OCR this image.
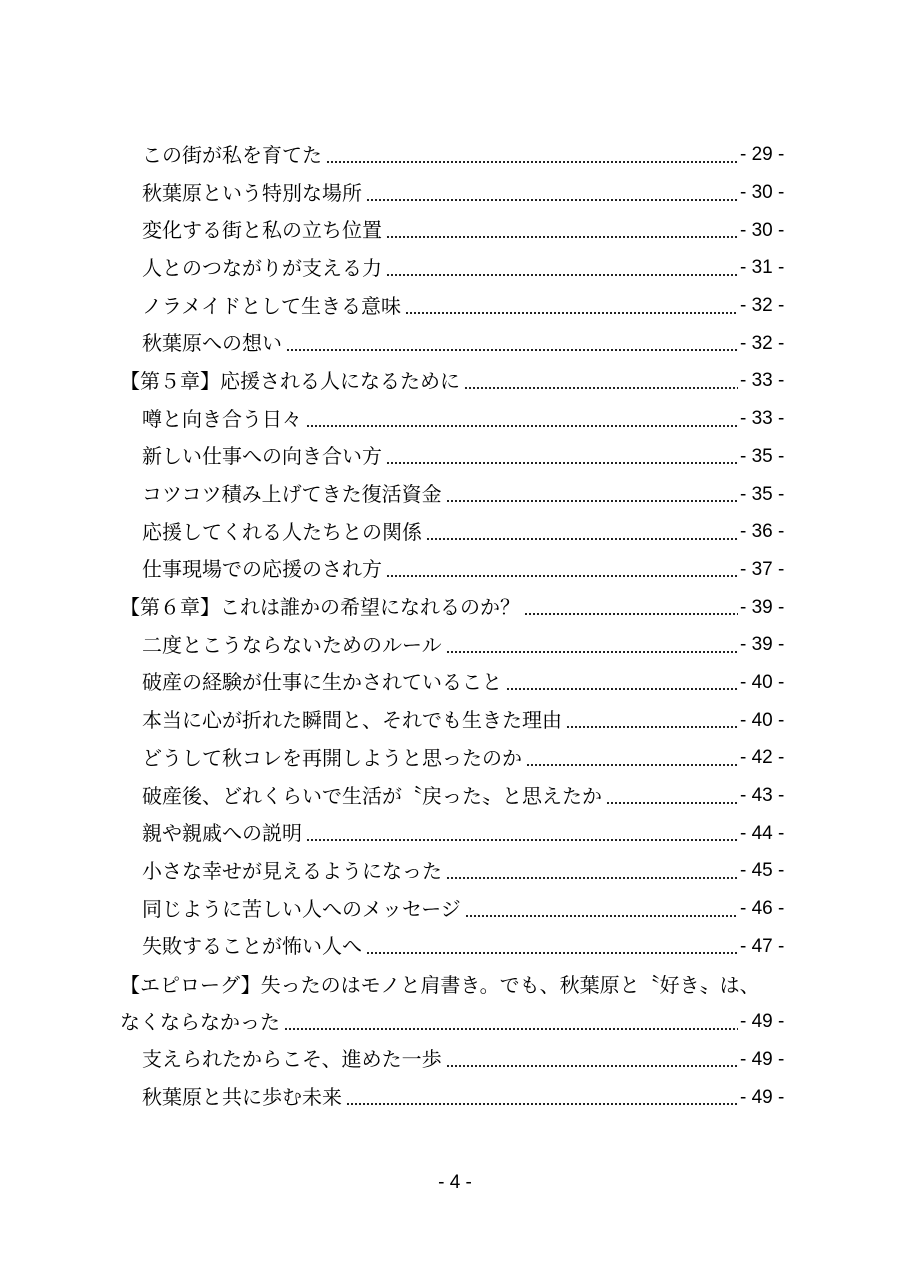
この街が私を育てた	- 29 -
秋葉原という特別な場所	- 30 -
変化する街と私の立ち位置	- 30 -
人とのつながりが支える力	- 31 -
ノラメイドとして生きる意味	- 32 -
秋葉原への想い	- 32 -
【第５章】応援される人になるために	- 33 -
噂と向き合う日々	- 33 -
新しい仕事への向き合い方	- 35 -
コツコツ積み上げてきた復活資金	- 35 -
応援してくれる人たちとの関係	- 36 -
仕事現場での応援のされ方	- 37 -
【第６章】これは誰かの希望になれるのか？	- 39 -
二度とこうならないためのルール	- 39 -
破産の経験が仕事に生かされていること	- 40 -
本当に心が折れた瞬間と、それでも生きた理由	- 40 -
どうして秋コレを再開しようと思ったのか	- 42 -
破産後、どれくらいで生活が〝戻った〟と思えたか	- 43 -
親や親戚への説明	- 44 -
小さな幸せが見えるようになった	- 45 -
同じように苦しい人へのメッセージ	- 46 -
失敗することが怖い人へ	- 47 -
【エピローグ】失ったのはモノと肩書き。でも、秋葉原と〝好き〟は、
なくならなかった	- 49 -
支えられたからこそ、進めた一歩	- 49 -
秋葉原と共に歩む未来	- 49 -
- 4 -
